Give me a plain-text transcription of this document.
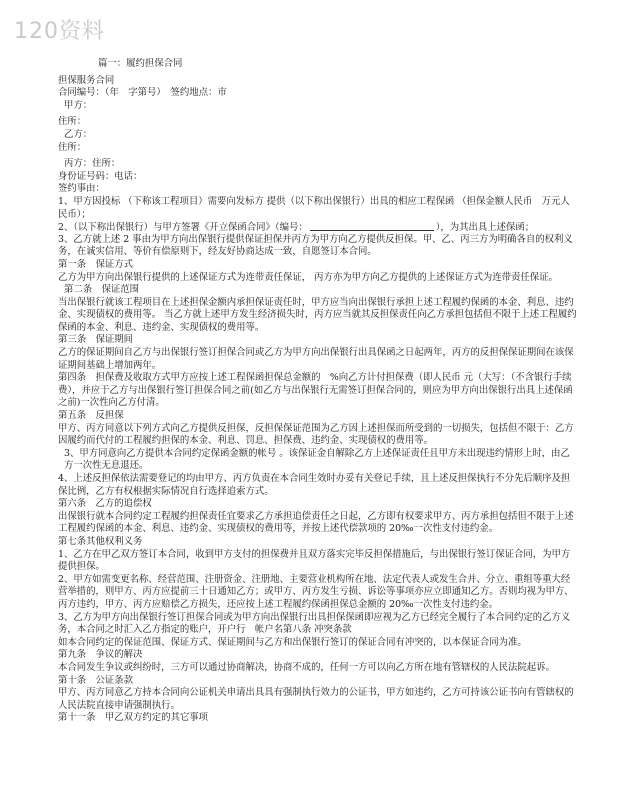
120资料
篇一：履约担保合同
担保服务合同
合同编号：（年　字第号）　签约地点：市
甲方：
住所：
乙方：
住所：
丙方：住所：
身份证号码：电话：
签约事由：
1、甲方因投标 （下称该工程项目）需要向发标方 提供（以下称出保银行）出具的相应工程保函 （担保金额人民币　万元人民币）；
2、（以下称出保银行）与甲方签署《开立保函合同》（编号：	），为其出具上述保函；
3、乙方就上述 2 事由为甲方向出保银行提供保证担保并丙方为甲方向乙方提供反担保。甲、乙、丙三方为明确各自的权利义务，在诚实信用、等价有偿原则下，经友好协商达成一致，自愿签订本合同。
第一条　保证方式
乙方为甲方向出保银行提供的上述保证方式为连带责任保证， 丙方亦为甲方向乙方提供的上述保证方式为连带责任保证。
第二条　保证范围
当出保银行就该工程项目在上述担保金额内承担保证责任时，甲方应当向出保银行承担上述工程履约保函的本金、利息、违约金、实现债权的费用等。 当乙方就上述甲方发生经济损失时，丙方应当就其反担保责任向乙方承担包括但不限于上述工程履约保函的本金、利息、违约金、实现债权的费用等。
第三条　保证期间
乙方的保证期间自乙方与出保银行签订担保合同或乙方为甲方向出保银行出具保函之日起两年，丙方的反担保保证期间在该保证期间基础上增加两年。
第四条　担保费及收取方式甲方应按上述工程保函担保总金额的　%向乙方计付担保费（即人民币 元（大写：（不含银行手续费），并应于乙方与出保银行签订担保合同之前(如乙方与出保银行无需签订担保合同的，则应为甲方向出保银行出具上述保函之前)一次性向乙方付清。
第五条　反担保
甲方、丙方同意以下列方式向乙方提供反担保，反担保保证范围为乙方因上述担保而所受到的一切损失，包括但不限于：乙方因履约而代付的工程履约担保的本金、利息、罚息、担保费、违约金、实现债权的费用等。
3、甲方同意向乙方提供本合同约定保函金额的帐号 。该保证金自解除乙方上述保证责任且甲方未出现违约情形上时，由乙方一次性无息退还。
4、上述反担保依法需要登记的均由甲方、丙方负责在本合同生效时办妥有关登记手续，且上述反担保执行不分先后顺序及担保比例，乙方有权根据实际情况自行选择追索方式。
第六条　乙方的追偿权
出保银行就本合同约定工程履约担保责任宜要求乙方承担追偿责任之日起，乙方即有权要求甲方、丙方承担包括但不限于上述工程履约保函的本金、利息、违约金、实现债权的费用等，并按上述代偿款项的 20‰一次性支付违约金。
第七条其他权利义务
1、乙方在甲乙双方签订本合同，收到甲方支付的担保费并且双方落实完毕反担保措施后，与出保银行签订保证合同，为甲方提供担保。
2、甲方如需变更名称、经营范围、注册资金、注册地、主要营业机构所在地、法定代表人或发生合并、分立、重组等重大经营举措的，则甲方、丙方应提前三十日通知乙方；或甲方、丙方发生亏损、诉讼等事项亦应立即通知乙方。否则均视为甲方、丙方违约，甲方、丙方应赔偿乙方损失，还应按上述工程履约保函担保总金额的 20‰一次性支付违约金。
3、乙方为甲方向出保银行签订担保合同或为甲方向出保银行出具担保保函即应视为乙方已经完全履行了本合同约定的乙方义务，本合同之时汇入乙方指定的账户，开户行　帐户名第八条 冲突条款
如本合同约定的保证范围、保证方式、保证期间与乙方和出保银行签订的保证合同有冲突的，以本保证合同为准。
第九条　争议的解决
本合同发生争议或纠纷时，三方可以通过协商解决，协商不成的，任何一方可以向乙方所在地有管辖权的人民法院起诉。
第十条　公证条款
甲方、丙方同意乙方持本合同向公证机关申请出具具有强制执行效力的公证书，甲方如违约，乙方可持该公证书向有管辖权的人民法院直接申请强制执行。
第十一条　甲乙双方约定的其它事项
